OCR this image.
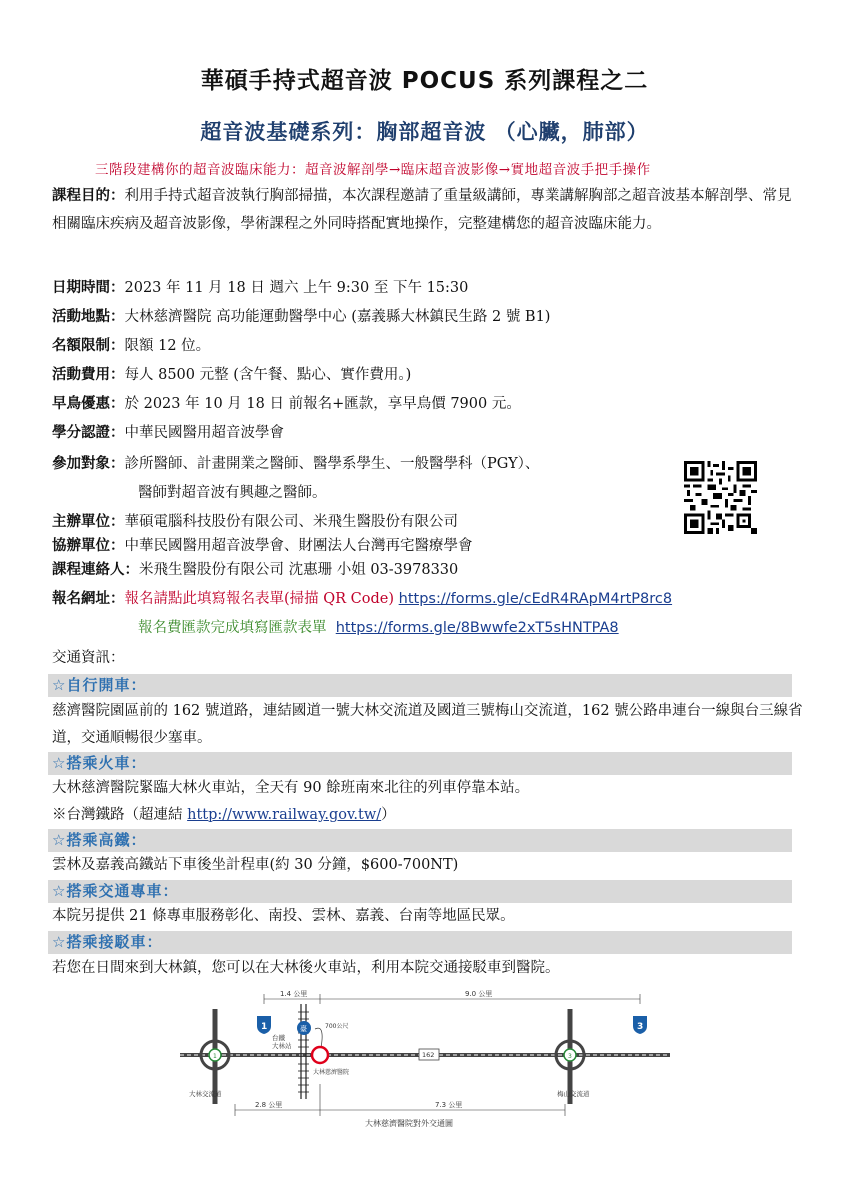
華碩手持式超音波 POCUS 系列課程之二
超音波基礎系列：胸部超音波 （心臟，肺部）
三階段建構你的超音波臨床能力：超音波解剖學→臨床超音波影像→實地超音波手把手操作
課程目的：利用手持式超音波執行胸部掃描，本次課程邀請了重量級講師，專業講解胸部之超音波基本解剖學、常見相關臨床疾病及超音波影像，學術課程之外同時搭配實地操作，完整建構您的超音波臨床能力。
日期時間：2023 年 11 月 18 日 週六 上午 9:30 至 下午 15:30
活動地點：大林慈濟醫院 高功能運動醫學中心 (嘉義縣大林鎮民生路 2 號 B1)
名額限制：限額 12 位。
活動費用：每人 8500 元整 (含午餐、點心、實作費用。)
早鳥優惠：於 2023 年 10 月 18 日 前報名+匯款，享早鳥價 7900 元。
學分認證：中華民國醫用超音波學會
參加對象：診所醫師、計畫開業之醫師、醫學系學生、一般醫學科（PGY）、
醫師對超音波有興趣之醫師。
主辦單位：華碩電腦科技股份有限公司、米飛生醫股份有限公司
協辦單位：中華民國醫用超音波學會、財團法人台灣再宅醫療學會
課程連絡人：米飛生醫股份有限公司 沈惠珊 小姐 03-3978330
報名網址：報名請點此填寫報名表單(掃描 QR Code) https://forms.gle/cEdR4RApM4rtP8rc8
報名費匯款完成填寫匯款表單 https://forms.gle/8Bwwfe2xT5sHNTPA8
交通資訊：
☆自行開車：
慈濟醫院園區前的 162 號道路，連結國道一號大林交流道及國道三號梅山交流道，162 號公路串連台一線與台三線省道，交通順暢很少塞車。
☆搭乘火車：
大林慈濟醫院緊臨大林火車站，全天有 90 餘班南來北往的列車停靠本站。
※台灣鐵路（超連結 http://www.railway.gov.tw/）
☆搭乘高鐵：
雲林及嘉義高鐵站下車後坐計程車(約 30 分鐘，$600-700NT)
☆搭乘交通專車：
本院另提供 21 條專車服務彰化、南投、雲林、嘉義、台南等地區民眾。
☆搭乘接駁車：
若您在日間來到大林鎮，您可以在大林後火車站，利用本院交通接駁車到醫院。
1.4 公里	9.0 公里
1	3
1	3
臺
台鐵
大林站
700公尺
大林慈濟醫院
162
大林交流道	梅山交流道
2.8 公里	7.3 公里
大林慈濟醫院對外交通圖
